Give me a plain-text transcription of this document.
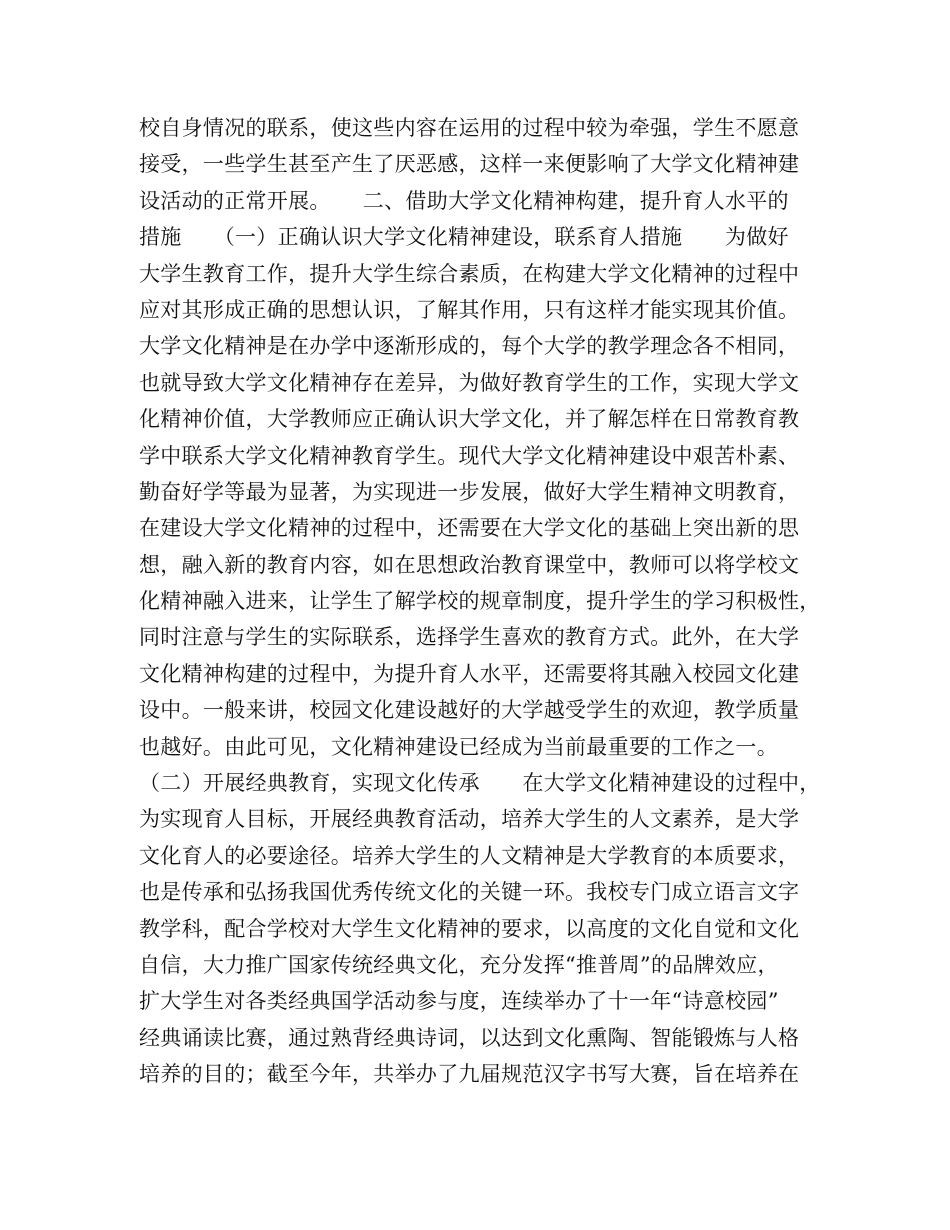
校自身情况的联系，使这些内容在运用的过程中较为牵强，学生不愿意
接受，一些学生甚至产生了厌恶感，这样一来便影响了大学文化精神建
设活动的正常开展。　　二、借助大学文化精神构建，提升育人水平的
措施　　（一）正确认识大学文化精神建设，联系育人措施　　为做好
大学生教育工作，提升大学生综合素质，在构建大学文化精神的过程中
应对其形成正确的思想认识，了解其作用，只有这样才能实现其价值。
大学文化精神是在办学中逐渐形成的，每个大学的教学理念各不相同，
也就导致大学文化精神存在差异，为做好教育学生的工作，实现大学文
化精神价值，大学教师应正确认识大学文化，并了解怎样在日常教育教
学中联系大学文化精神教育学生。现代大学文化精神建设中艰苦朴素、
勤奋好学等最为显著，为实现进一步发展，做好大学生精神文明教育，
在建设大学文化精神的过程中，还需要在大学文化的基础上突出新的思
想，融入新的教育内容，如在思想政治教育课堂中，教师可以将学校文
化精神融入进来，让学生了解学校的规章制度，提升学生的学习积极性，
同时注意与学生的实际联系，选择学生喜欢的教育方式。此外，在大学
文化精神构建的过程中，为提升育人水平，还需要将其融入校园文化建
设中。一般来讲，校园文化建设越好的大学越受学生的欢迎，教学质量
也越好。由此可见，文化精神建设已经成为当前最重要的工作之一。
（二）开展经典教育，实现文化传承　　在大学文化精神建设的过程中，
为实现育人目标，开展经典教育活动，培养大学生的人文素养，是大学
文化育人的必要途径。培养大学生的人文精神是大学教育的本质要求，
也是传承和弘扬我国优秀传统文化的关键一环。我校专门成立语言文字
教学科，配合学校对大学生文化精神的要求，以高度的文化自觉和文化
自信，大力推广国家传统经典文化，充分发挥“推普周”的品牌效应，
扩大学生对各类经典国学活动参与度，连续举办了十一年“诗意校园”
经典诵读比赛，通过熟背经典诗词，以达到文化熏陶、智能锻炼与人格
培养的目的；截至今年，共举办了九届规范汉字书写大赛，旨在培养在
